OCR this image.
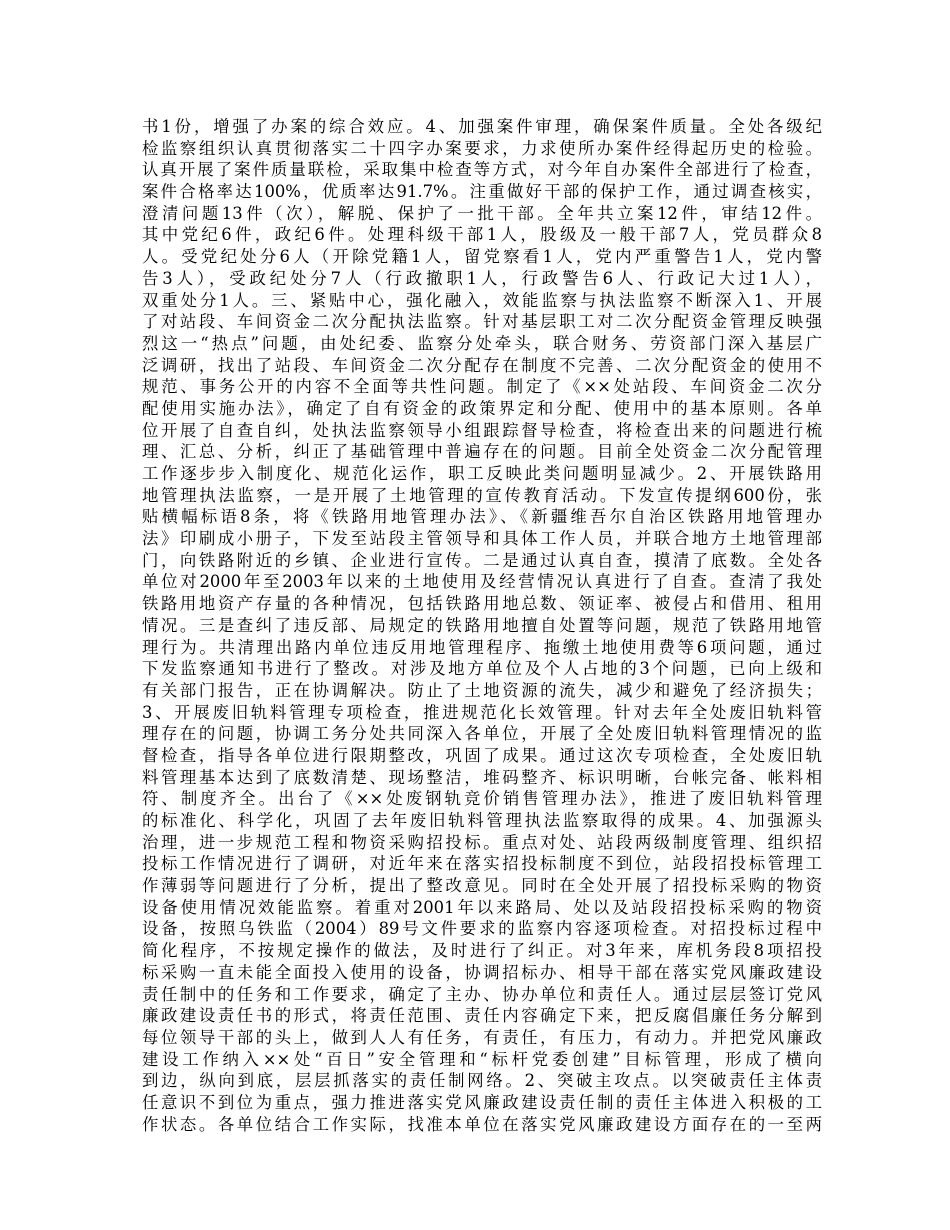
书1份，增强了办案的综合效应。4、加强案件审理，确保案件质量。全处各级纪
检监察组织认真贯彻落实二十四字办案要求，力求使所办案件经得起历史的检验。
认真开展了案件质量联检，采取集中检查等方式，对今年自办案件全部进行了检查，
案件合格率达100%，优质率达91.7%。注重做好干部的保护工作，通过调查核实，
澄清问题13件（次），解脱、保护了一批干部。全年共立案12件，审结12件。
其中党纪6件，政纪6件。处理科级干部1人，股级及一般干部7人，党员群众8
人。受党纪处分6人（开除党籍1人，留党察看1人，党内严重警告1人，党内警
告3人），受政纪处分7人（行政撤职1人，行政警告6人、行政记大过1人），
双重处分1人。三、紧贴中心，强化融入，效能监察与执法监察不断深入1、开展
了对站段、车间资金二次分配执法监察。针对基层职工对二次分配资金管理反映强
烈这一“热点”问题，由处纪委、监察分处牵头，联合财务、劳资部门深入基层广
泛调研，找出了站段、车间资金二次分配存在制度不完善、二次分配资金的使用不
规范、事务公开的内容不全面等共性问题。制定了《××处站段、车间资金二次分
配使用实施办法》，确定了自有资金的政策界定和分配、使用中的基本原则。各单
位开展了自查自纠，处执法监察领导小组跟踪督导检查，将检查出来的问题进行梳
理、汇总、分析，纠正了基础管理中普遍存在的问题。目前全处资金二次分配管理
工作逐步步入制度化、规范化运作，职工反映此类问题明显减少。2、开展铁路用
地管理执法监察，一是开展了土地管理的宣传教育活动。下发宣传提纲600份，张
贴横幅标语8条，将《铁路用地管理办法》、《新疆维吾尔自治区铁路用地管理办
法》印刷成小册子，下发至站段主管领导和具体工作人员，并联合地方土地管理部
门，向铁路附近的乡镇、企业进行宣传。二是通过认真自查，摸清了底数。全处各
单位对2000年至2003年以来的土地使用及经营情况认真进行了自查。查清了我处
铁路用地资产存量的各种情况，包括铁路用地总数、领证率、被侵占和借用、租用
情况。三是查纠了违反部、局规定的铁路用地擅自处置等问题，规范了铁路用地管
理行为。共清理出路内单位违反用地管理程序、拖缴土地使用费等6项问题，通过
下发监察通知书进行了整改。对涉及地方单位及个人占地的3个问题，已向上级和
有关部门报告，正在协调解决。防止了土地资源的流失，减少和避免了经济损失；
3、开展废旧轨料管理专项检查，推进规范化长效管理。针对去年全处废旧轨料管
理存在的问题，协调工务分处共同深入各单位，开展了全处废旧轨料管理情况的监
督检查，指导各单位进行限期整改，巩固了成果。通过这次专项检查，全处废旧轨
料管理基本达到了底数清楚、现场整洁，堆码整齐、标识明晰，台帐完备、帐料相
符、制度齐全。出台了《××处废钢轨竞价销售管理办法》，推进了废旧轨料管理
的标准化、科学化，巩固了去年废旧轨料管理执法监察取得的成果。4、加强源头
治理，进一步规范工程和物资采购招投标。重点对处、站段两级制度管理、组织招
投标工作情况进行了调研，对近年来在落实招投标制度不到位，站段招投标管理工
作薄弱等问题进行了分析，提出了整改意见。同时在全处开展了招投标采购的物资
设备使用情况效能监察。着重对2001年以来路局、处以及站段招投标采购的物资
设备，按照乌铁监（2004）89号文件要求的监察内容逐项检查。对招投标过程中
简化程序，不按规定操作的做法，及时进行了纠正。对3年来，库机务段8项招投
标采购一直未能全面投入使用的设备，协调招标办、相导干部在落实党风廉政建设
责任制中的任务和工作要求，确定了主办、协办单位和责任人。通过层层签订党风
廉政建设责任书的形式，将责任范围、责任内容确定下来，把反腐倡廉任务分解到
每位领导干部的头上，做到人人有任务，有责任，有压力，有动力。并把党风廉政
建设工作纳入××处“百日”安全管理和“标杆党委创建”目标管理，形成了横向
到边，纵向到底，层层抓落实的责任制网络。2、突破主攻点。以突破责任主体责
任意识不到位为重点，强力推进落实党风廉政建设责任制的责任主体进入积极的工
作状态。各单位结合工作实际，找准本单位在落实党风廉政建设方面存在的一至两
